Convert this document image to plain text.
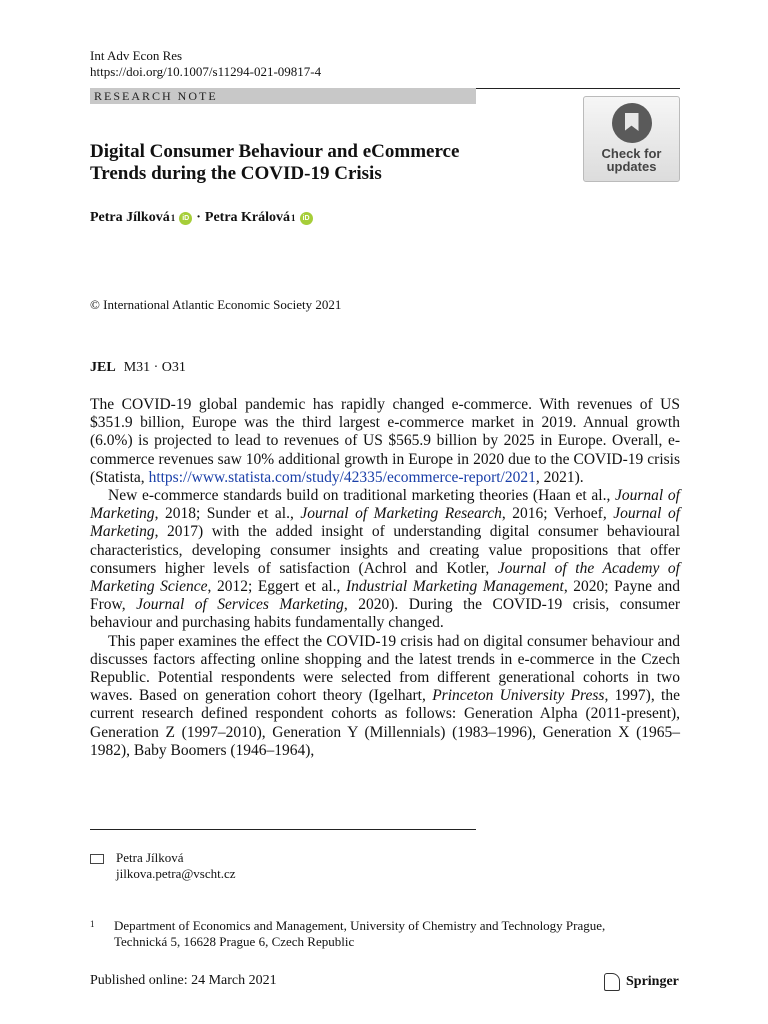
Int Adv Econ Res
https://doi.org/10.1007/s11294-021-09817-4
RESEARCH NOTE
Check for
updates
Digital Consumer Behaviour and eCommerce
Trends during the COVID-19 Crisis
Petra Jílková 1	iD · Petra Králová 1	iD
© International Atlantic Economic Society 2021
JEL M31 · O31

The COVID-19 global pandemic has rapidly changed e-commerce. With revenues of US $351.9 billion, Europe was the third largest e-commerce market in 2019. Annual growth (6.0%) is projected to lead to revenues of US $565.9 billion by 2025 in Europe. Overall, e-commerce revenues saw 10% additional growth in Europe in 2020 due to the COVID-19 crisis (Statista, https://www.statista.com/study/42335/ecommerce-report/2021, 2021).

New e-commerce standards build on traditional marketing theories (Haan et al., Journal of Marketing, 2018; Sunder et al., Journal of Marketing Research, 2016; Verhoef, Journal of Marketing, 2017) with the added insight of understanding digital consumer behavioural characteristics, developing consumer insights and creating value propositions that offer consumers higher levels of satisfaction (Achrol and Kotler, Journal of the Academy of Marketing Science, 2012; Eggert et al., Industrial Marketing Management, 2020; Payne and Frow, Journal of Services Marketing, 2020). During the COVID-19 crisis, consumer behaviour and purchasing habits fundamentally changed.

This paper examines the effect the COVID-19 crisis had on digital consumer behaviour and discusses factors affecting online shopping and the latest trends in e-commerce in the Czech Republic. Potential respondents were selected from different generational cohorts in two waves. Based on generation cohort theory (Igelhart, Princeton University Press, 1997), the current research defined respondent cohorts as follows: Generation Alpha (2011-present), Generation Z (1997–2010), Generation Y (Millennials) (1983–1996), Generation X (1965–1982), Baby Boomers (1946–1964),

Petra Jílková
jilkova.petra@vscht.cz
1	Department of Economics and Management, University of Chemistry and Technology Prague,
Technická 5, 16628 Prague 6, Czech Republic
Published online: 24 March 2021	Springer
